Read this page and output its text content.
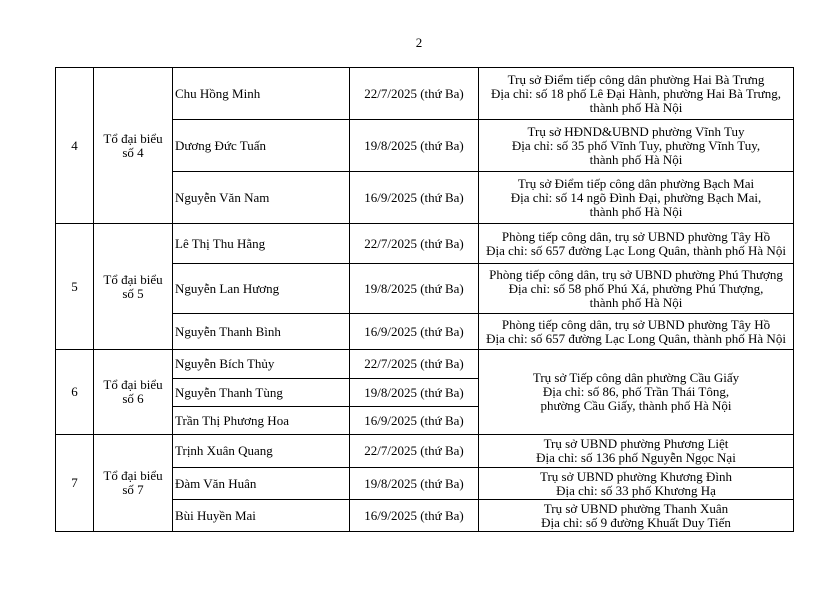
2
4	Tổ đại biểu
số 4	Chu Hồng Minh	22/7/2025 (thứ Ba)	Trụ sở Điểm tiếp công dân phường Hai Bà Trưng
Địa chỉ: số 18 phố Lê Đại Hành, phường Hai Bà Trưng,
thành phố Hà Nội

		Dương Đức Tuấn	19/8/2025 (thứ Ba)	Trụ sở HĐND&UBND phường Vĩnh Tuy
Địa chỉ: số 35 phố Vĩnh Tuy, phường Vĩnh Tuy,
thành phố Hà Nội

		Nguyễn Văn Nam	16/9/2025 (thứ Ba)	Trụ sở Điểm tiếp công dân phường Bạch Mai
Địa chỉ: số 14 ngõ Đình Đại, phường Bạch Mai,
thành phố Hà Nội

5	Tổ đại biểu
số 5	Lê Thị Thu Hằng	22/7/2025 (thứ Ba)	Phòng tiếp công dân, trụ sở UBND phường Tây Hồ
Địa chỉ: số 657 đường Lạc Long Quân, thành phố Hà Nội

		Nguyễn Lan Hương	19/8/2025 (thứ Ba)	Phòng tiếp công dân, trụ sở UBND phường Phú Thượng
Địa chỉ: số 58 phố Phú Xá, phường Phú Thượng,
thành phố Hà Nội

		Nguyễn Thanh Bình	16/9/2025 (thứ Ba)	Phòng tiếp công dân, trụ sở UBND phường Tây Hồ
Địa chỉ: số 657 đường Lạc Long Quân, thành phố Hà Nội

6	Tổ đại biểu
số 6	Nguyễn Bích Thủy	22/7/2025 (thứ Ba)	Trụ sở Tiếp công dân phường Cầu Giấy
Địa chỉ: số 86, phố Trần Thái Tông,
phường Cầu Giấy, thành phố Hà Nội

		Nguyễn Thanh Tùng	19/8/2025 (thứ Ba)	
		Trần Thị Phương Hoa	16/9/2025 (thứ Ba)	
7	Tổ đại biểu
số 7	Trịnh Xuân Quang	22/7/2025 (thứ Ba)	Trụ sở UBND phường Phương Liệt
Địa chỉ: số 136 phố Nguyễn Ngọc Nại

		Đàm Văn Huân	19/8/2025 (thứ Ba)	Trụ sở UBND phường Khương Đình
Địa chỉ: số 33 phố Khương Hạ

		Bùi Huyền Mai	16/9/2025 (thứ Ba)	Trụ sở UBND phường Thanh Xuân
Địa chỉ: số 9 đường Khuất Duy Tiến
